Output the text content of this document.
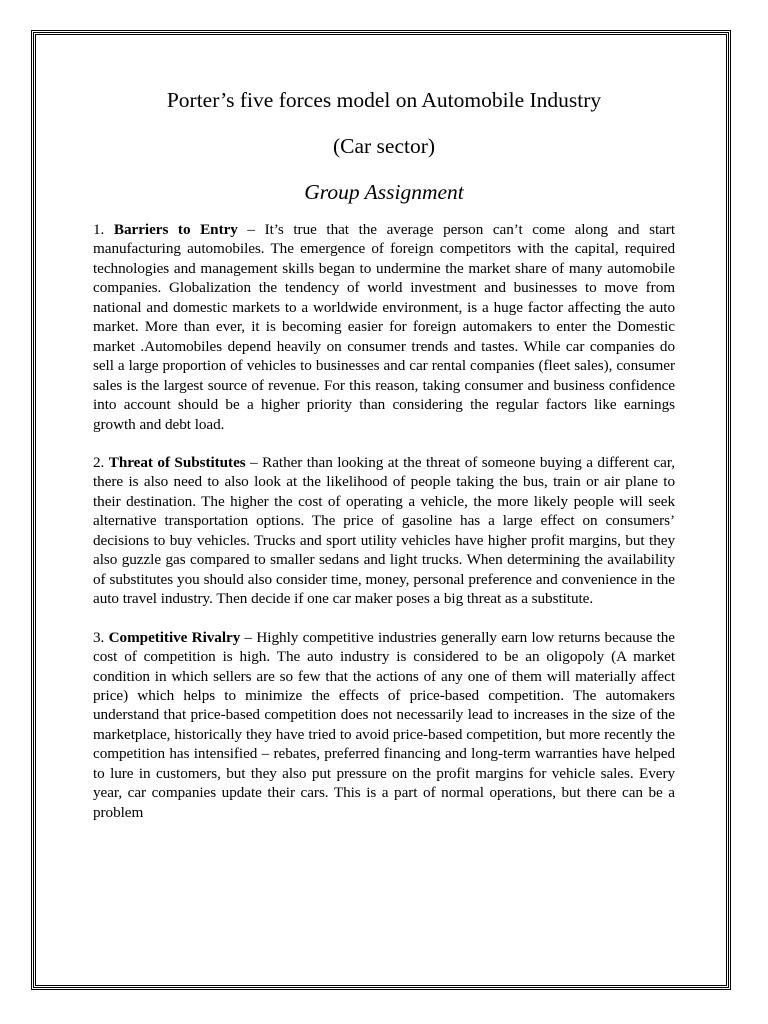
Porter’s five forces model on Automobile Industry
(Car sector)
Group Assignment

1. Barriers to Entry – It’s true that the average person can’t come along and start manufacturing automobiles. The emergence of foreign competitors with the capital, required technologies and management skills began to undermine the market share of many automobile companies. Globalization the tendency of world investment and businesses to move from national and domestic markets to a worldwide environment, is a huge factor affecting the auto market. More than ever, it is becoming easier for foreign automakers to enter the Domestic market .Automobiles depend heavily on consumer trends and tastes. While car companies do sell a large proportion of vehicles to businesses and car rental companies (fleet sales), consumer sales is the largest source of revenue. For this reason, taking consumer and business confidence into account should be a higher priority than considering the regular factors like earnings growth and debt load.

2. Threat of Substitutes – Rather than looking at the threat of someone buying a different car, there is also need to also look at the likelihood of people taking the bus, train or air plane to their destination. The higher the cost of operating a vehicle, the more likely people will seek alternative transportation options. The price of gasoline has a large effect on consumers’ decisions to buy vehicles. Trucks and sport utility vehicles have higher profit margins, but they also guzzle gas compared to smaller sedans and light trucks. When determining the availability of substitutes you should also consider time, money, personal preference and convenience in the auto travel industry. Then decide if one car maker poses a big threat as a substitute.

3. Competitive Rivalry – Highly competitive industries generally earn low returns because the cost of competition is high. The auto industry is considered to be an oligopoly (A market condition in which sellers are so few that the actions of any one of them will materially affect price) which helps to minimize the effects of price-based competition. The automakers understand that price-based competition does not necessarily lead to increases in the size of the marketplace, historically they have tried to avoid price-based competition, but more recently the competition has intensified – rebates, preferred financing and long-term warranties have helped to lure in customers, but they also put pressure on the profit margins for vehicle sales. Every year, car companies update their cars. This is a part of normal operations, but there can be a problem
